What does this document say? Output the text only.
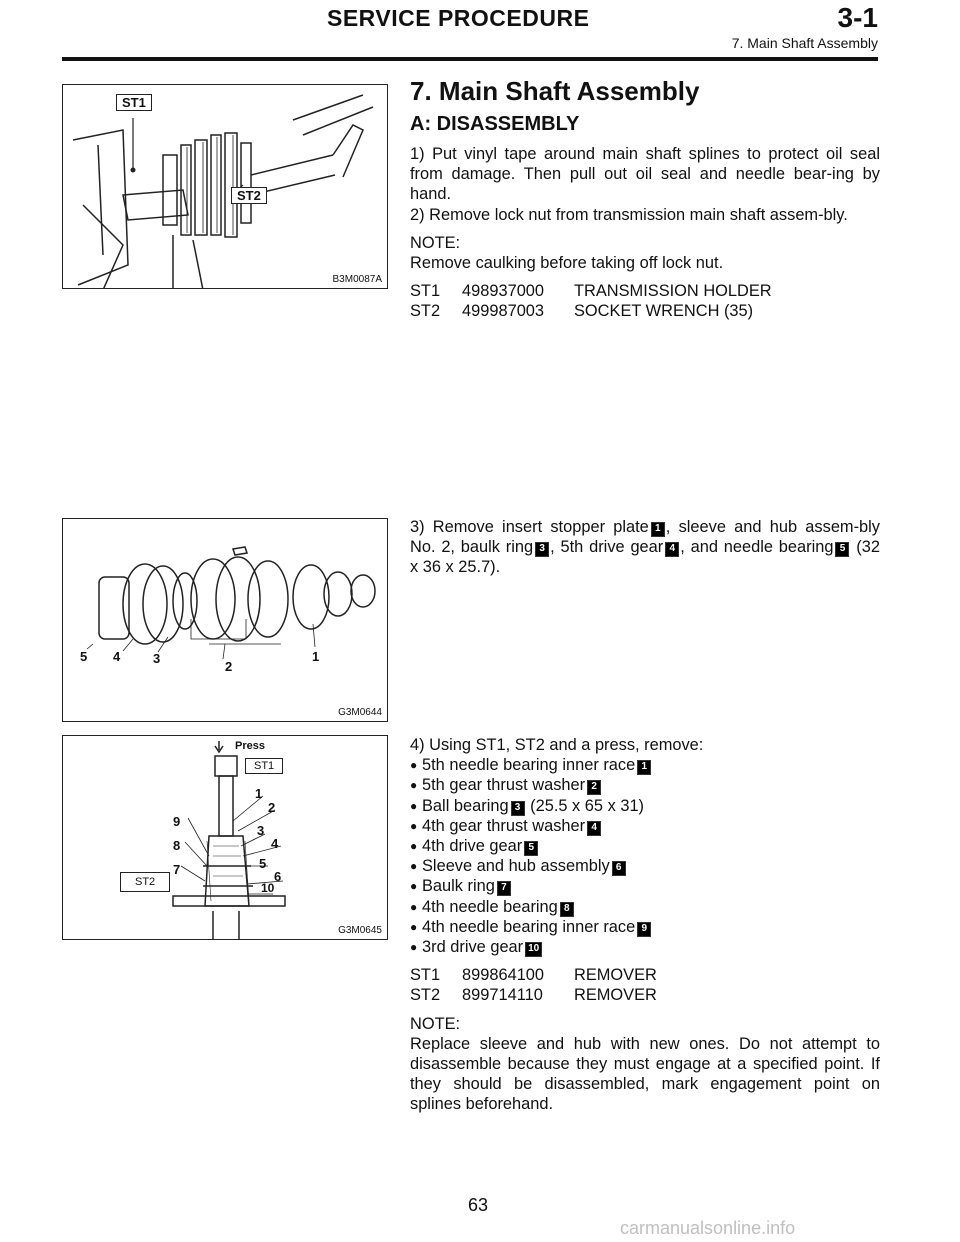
SERVICE PROCEDURE	3-1
7. Main Shaft Assembly
ST1
ST2
B3M0087A
5 4	3
2
1
G3M0644
Press
ST1
ST2
1
2
3
4
5
6
7
8
9
10
G3M0645
7. Main Shaft Assembly
A: DISASSEMBLY

1) Put vinyl tape around main shaft splines to protect oil seal from damage. Then pull out oil seal and needle bear-ing by hand.

2) Remove lock nut from transmission main shaft assem-bly.

NOTE:

Remove caulking before taking off lock nut.

ST1	498937000	TRANSMISSION HOLDER
ST2	499987003	SOCKET WRENCH (35)

3) Remove insert stopper plate 1 , sleeve and hub assem-bly No. 2, baulk ring 3 , 5th drive gear 4 , and needle bearing 5 (32 x 36 x 25.7).

4) Using ST1, ST2 and a press, remove:

● 5th needle bearing inner race 1
● 5th gear thrust washer 2
● Ball bearing 3 (25.5 x 65 x 31)
● 4th gear thrust washer 4
● 4th drive gear 5
● Sleeve and hub assembly 6
● Baulk ring 7
● 4th needle bearing 8
● 4th needle bearing inner race 9
● 3rd drive gear 10
ST1	899864100	REMOVER
ST2	899714110	REMOVER

NOTE:

Replace sleeve and hub with new ones. Do not attempt to disassemble because they must engage at a specified point. If they should be disassembled, mark engagement point on splines beforehand.

63
carmanualsonline.info
